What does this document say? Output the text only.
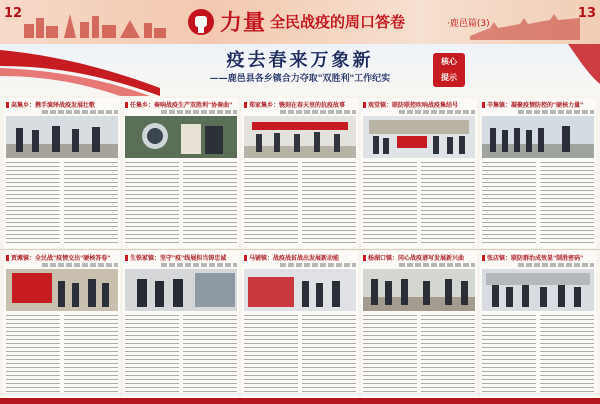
12	力量 全民战疫的周口答卷	·鹿邑篇(3)
13
疫去春来万象新
——鹿邑县各乡镇合力夺取"双胜利"工作纪实
核心
提示
高集乡：携手演绎战疫发展壮歌	任集乡：奏响战疫生产双胜利"协奏曲"	郑家集乡：镌刻在春天里的抗疫故事	观堂镇：联防联控吹响战疫集结号	辛集镇：凝聚疫情防控的"硬核力量"
贾滩镇：全民战"疫情交出"硬核答卷"	生铁冢镇：坚守"疫"线展担当铸忠诚	马铺镇：战疫战贫战出发展新动能	杨湖口镇：同心战疫谱写发展新兴曲	张店镇：联防群治成效显"制胜密码"
